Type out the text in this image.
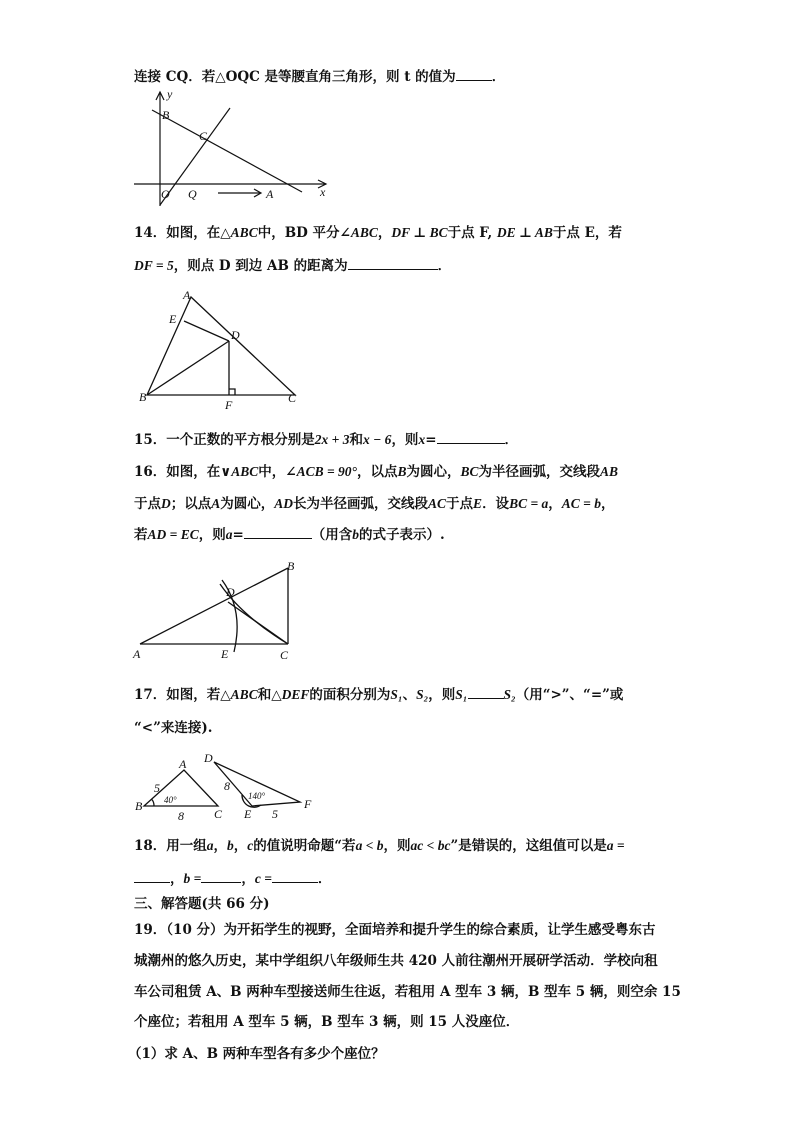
连接 CQ．若△OQC 是等腰直角三角形，则 t 的值为	．
y
x
B
C
O Q	A
14．如图，在△ABC中，BD 平分∠ABC，DF ⊥ BC于点 F, DE ⊥ AB于点 E，若
DF = 5，则点 D 到边 AB 的距离为	．
A
E
D
B
F	C
15．一个正数的平方根分别是2x + 3和x − 6，则x=	．
16．如图，在∨ABC中，∠ACB = 90°，以点B为圆心，BC为半径画弧，交线段AB
于点D；以点A为圆心，AD长为半径画弧，交线段AC于点E．设BC = a，AC = b，
若AD = EC，则a=	（用含b的式子表示）.
B
D
A	E	C
17．如图，若△ABC和△DEF的面积分别为S₁、S₂，则S₁	S₂（用“>”、“=”或
“<”来连接).
A
B
C
5
8
40°
D
8
140°
E 5
F
18．用一组a，b，c的值说明命题“若a < b，则ac < bc”是错误的，这组值可以是a =
，b =	，c =	．
三、解答题(共 66 分)
19．（10 分）为开拓学生的视野，全面培养和提升学生的综合素质，让学生感受粤东古
城潮州的悠久历史，某中学组织八年级师生共 420 人前往潮州开展研学活动．学校向租
车公司租赁 A、B 两种车型接送师生往返，若租用 A 型车 3 辆，B 型车 5 辆，则空余 15
个座位；若租用 A 型车 5 辆，B 型车 3 辆，则 15 人没座位．
（1）求 A、B 两种车型各有多少个座位？
